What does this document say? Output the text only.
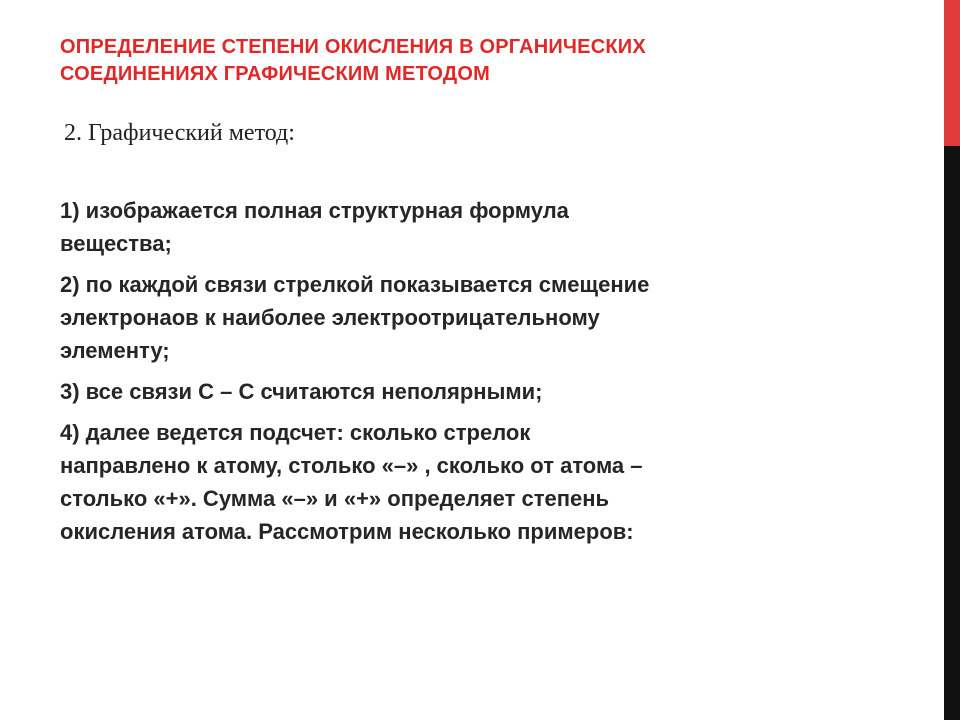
ОПРЕДЕЛЕНИЕ СТЕПЕНИ ОКИСЛЕНИЯ В ОРГАНИЧЕСКИХ
СОЕДИНЕНИЯХ ГРАФИЧЕСКИМ МЕТОДОМ

2. Графический метод:

1) изображается полная структурная формула
вещества;

2) по каждой связи стрелкой показывается смещение
электронаов к наиболее электроотрицательному
элементу;

3) все связи С – С считаются неполярными;

4) далее ведется подсчет: сколько стрелок
направлено к атому, столько «–» , сколько от атома –
столько «+». Сумма «–» и «+» определяет степень
окисления атома. Рассмотрим несколько примеров:
